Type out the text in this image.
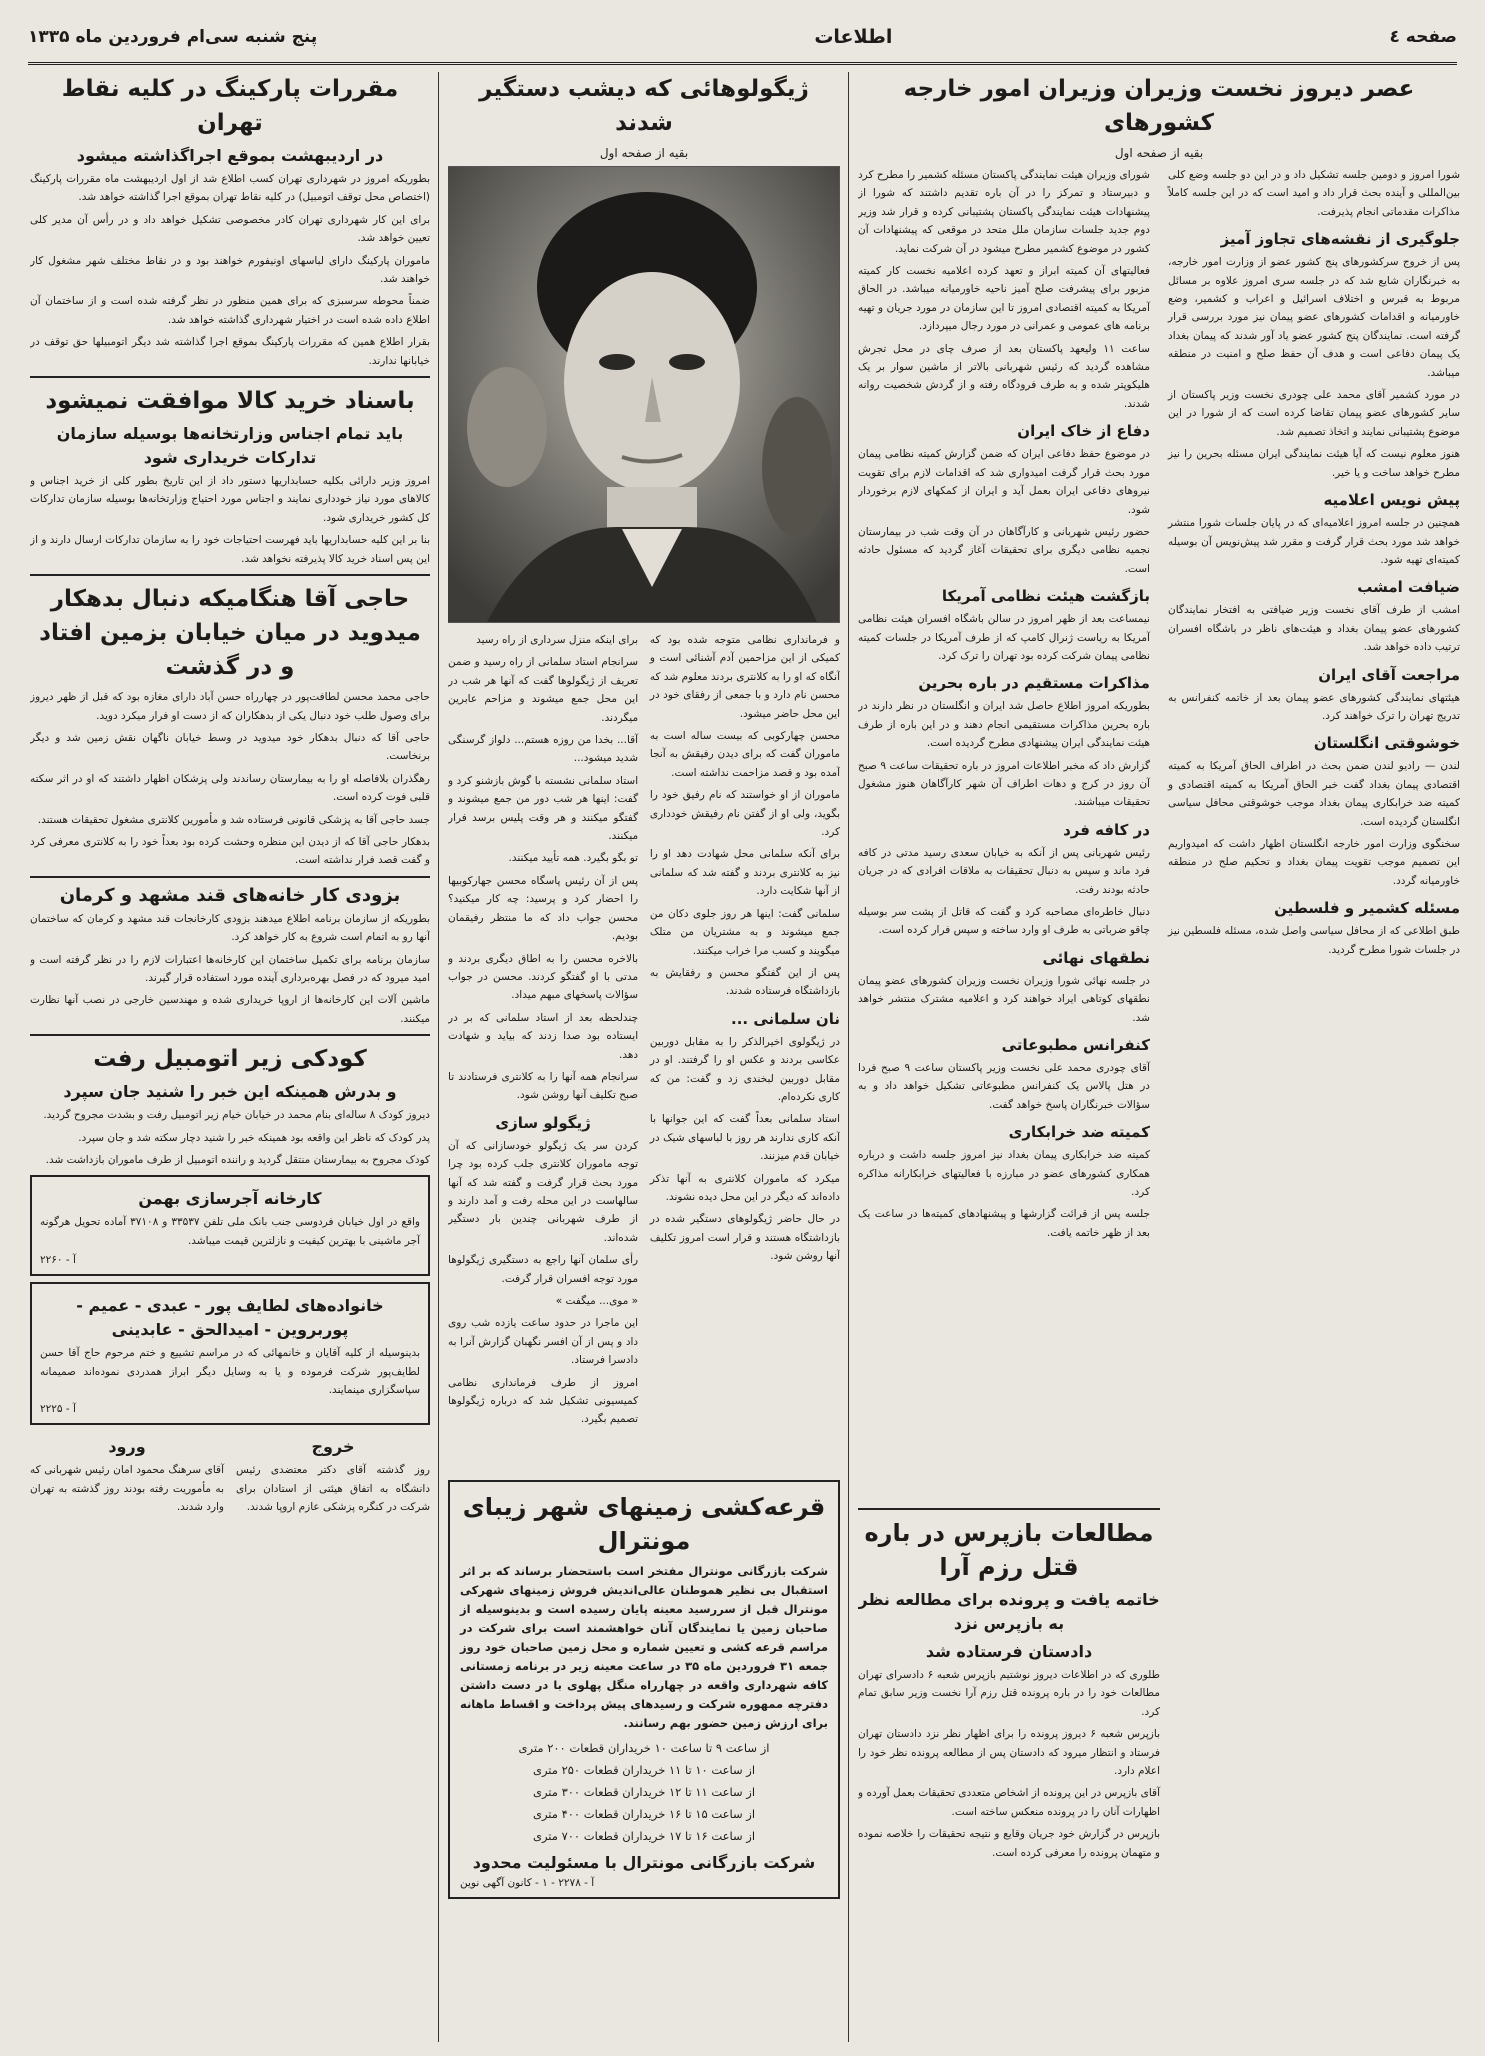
صفحه ٤
اطلاعات
پنج شنبه سی‌ام فروردین ماه ۱۳۳۵
عصر دیروز نخست وزیران وزیران امور خارجه کشورهای
بقیه از صفحه اول

شورا امروز و دومین جلسه تشکیل داد و در این دو جلسه وضع کلی بین‌المللی و آینده بحث قرار داد و امید است که در این جلسه کاملاً مذاکرات مقدماتی انجام پذیرفت.

جلوگیری از نقشه‌های تجاوز آمیز

پس از خروج سرکشورهای پنج کشور عضو از وزارت امور خارجه، به خبرنگاران شایع شد که در جلسه سری امروز علاوه بر مسائل مربوط به قبرس و اختلاف اسرائیل و اعراب و کشمیر، وضع خاورمیانه و اقدامات کشورهای عضو پیمان نیز مورد بررسی قرار گرفته است. نمایندگان پنج کشور عضو یاد آور شدند که پیمان بغداد یک پیمان دفاعی است و هدف آن حفظ صلح و امنیت در منطقه میباشد.

در مورد کشمیر آقای محمد علی چودری نخست وزیر پاکستان از سایر کشورهای عضو پیمان تقاضا کرده است که از شورا در این موضوع پشتیبانی نمایند و اتخاذ تصمیم شد.

هنوز معلوم نیست که آیا هیئت نمایندگی ایران مسئله بحرین را نیز مطرح خواهد ساخت و یا خیر.

پیش نویس اعلامیه

همچنین در جلسه امروز اعلامیه‌ای که در پایان جلسات شورا منتشر خواهد شد مورد بحث قرار گرفت و مقرر شد پیش‌نویس آن بوسیله کمیته‌ای تهیه شود.

ضیافت امشب

امشب از طرف آقای نخست وزیر ضیافتی به افتخار نمایندگان کشورهای عضو پیمان بغداد و هیئت‌های ناظر در باشگاه افسران ترتیب داده خواهد شد.

مراجعت آقای ایران

هیئتهای نمایندگی کشورهای عضو پیمان بعد از خاتمه کنفرانس به تدریج تهران را ترک خواهند کرد.

خوشوقتی انگلستان

لندن — رادیو لندن ضمن بحث در اطراف الحاق آمریکا به کمیته اقتصادی پیمان بغداد گفت خبر الحاق آمریکا به کمیته اقتصادی و کمیته ضد خرابکاری پیمان بغداد موجب خوشوقتی محافل سیاسی انگلستان گردیده است.

سخنگوی وزارت امور خارجه انگلستان اظهار داشت که امیدواریم این تصمیم موجب تقویت پیمان بغداد و تحکیم صلح در منطقه خاورمیانه گردد.

مسئله کشمیر و فلسطین

طبق اطلاعی که از محافل سیاسی واصل شده، مسئله فلسطین نیز در جلسات شورا مطرح گردید.

شورای وزیران هیئت نمایندگی پاکستان مسئله کشمیر را مطرح کرد و دبیرستاد و تمرکز را در آن باره تقدیم داشتند که شورا از پیشنهادات هیئت نمایندگی پاکستان پشتیبانی کرده و قرار شد وزیر دوم جدید جلسات سازمان ملل متحد در موقعی که پیشنهادات آن کشور در موضوع کشمیر مطرح میشود در آن شرکت نماید.

فعالیتهای آن کمیته ابراز و تعهد کرده اعلامیه نخست کار کمیته مزبور برای پیشرفت صلح آمیز ناحیه خاورمیانه میباشد. در الحاق آمریکا به کمیته اقتصادی امروز تا این سازمان در مورد جریان و تهیه برنامه های عمومی و عمرانی در مورد رجال میپردازد.

ساعت ۱۱ ولیعهد پاکستان بعد از صرف چای در محل تجرش مشاهده گردید که رئیس شهربانی بالاتر از ماشین سوار بر یک هلیکوپتر شده و به طرف فرودگاه رفته و از گردش شخصیت روانه شدند.

دفاع از خاک ایران

در موضوع حفظ دفاعی ایران که ضمن گزارش کمیته نظامی پیمان مورد بحث قرار گرفت امیدواری شد که اقدامات لازم برای تقویت نیروهای دفاعی ایران بعمل آید و ایران از کمکهای لازم برخوردار شود.

حضور رئیس شهربانی و کارآگاهان در آن وقت شب در بیمارستان نجمیه نظامی دیگری برای تحقیقات آغاز گردید که مسئول حادثه است.

بازگشت هیئت نظامی آمریکا

نیمساعت بعد از ظهر امروز در سالن باشگاه افسران هیئت نظامی آمریکا به ریاست ژنرال کامپ که از طرف آمریکا در جلسات کمیته نظامی پیمان شرکت کرده بود تهران را ترک کرد.

مذاکرات مستقیم در باره بحرین

بطوریکه امروز اطلاع حاصل شد ایران و انگلستان در نظر دارند در باره بحرین مذاکرات مستقیمی انجام دهند و در این باره از طرف هیئت نمایندگی ایران پیشنهادی مطرح گردیده است.

گزارش داد که مخبر اطلاعات امروز در باره تحقیقات ساعت ۹ صبح آن روز در کرج و دهات اطراف آن شهر کارآگاهان هنوز مشغول تحقیقات میباشند.

در کافه فرد

رئیس شهربانی پس از آنکه به خیابان سعدی رسید مدتی در کافه فرد ماند و سپس به دنبال تحقیقات به ملاقات افرادی که در جریان حادثه بودند رفت.

دنبال خاطره‌ای مصاحبه کرد و گفت که قاتل از پشت سر بوسیله چاقو ضرباتی به طرف او وارد ساخته و سپس فرار کرده است.

نطقهای نهائی

در جلسه نهائی شورا وزیران نخست وزیران کشورهای عضو پیمان نطقهای کوتاهی ایراد خواهند کرد و اعلامیه مشترک منتشر خواهد شد.

کنفرانس مطبوعاتی

آقای چودری محمد علی نخست وزیر پاکستان ساعت ۹ صبح فردا در هتل پالاس یک کنفرانس مطبوعاتی تشکیل خواهد داد و به سؤالات خبرنگاران پاسخ خواهد گفت.

کمیته ضد خرابکاری

کمیته ضد خرابکاری پیمان بغداد نیز امروز جلسه داشت و درباره همکاری کشورهای عضو در مبارزه با فعالیتهای خرابکارانه مذاکره کرد.

جلسه پس از قرائت گزارشها و پیشنهادهای کمیته‌ها در ساعت یک بعد از ظهر خاتمه یافت.

مطالعات بازپرس در باره قتل رزم آرا
خاتمه یافت و پرونده برای مطالعه نظر به بازپرس نزد
دادستان فرستاده شد

طلوری که در اطلاعات دیروز نوشتیم بازپرس شعبه ۶ دادسرای تهران مطالعات خود را در باره پرونده قتل رزم آرا نخست وزیر سابق تمام کرد.

بازپرس شعبه ۶ دیروز پرونده را برای اظهار نظر نزد دادستان تهران فرستاد و انتظار میرود که دادستان پس از مطالعه پرونده نظر خود را اعلام دارد.

آقای بازپرس در این پرونده از اشخاص متعددی تحقیقات بعمل آورده و اظهارات آنان را در پرونده منعکس ساخته است.

بازپرس در گزارش خود جریان وقایع و نتیجه تحقیقات را خلاصه نموده و متهمان پرونده را معرفی کرده است.

ژیگولوهائی که دیشب دستگیر شدند
بقیه از صفحه اول

و فرمانداری نظامی متوجه شده بود که کمیکی از این مزاحمین آدم آشنائی است و آنگاه که او را به کلانتری بردند معلوم شد که محسن نام دارد و با جمعی از رفقای خود در این محل حاضر میشود.

محسن چهارکوبی که بیست ساله است به ماموران گفت که برای دیدن رفیقش به آنجا آمده بود و قصد مزاحمت نداشته است.

ماموران از او خواستند که نام رفیق خود را بگوید، ولی او از گفتن نام رفیقش خودداری کرد.

برای آنکه سلمانی محل شهادت دهد او را نیز به کلانتری بردند و گفته شد که سلمانی از آنها شکایت دارد.

سلمانی گفت: اینها هر روز جلوی دکان من جمع میشوند و به مشتریان من متلک میگویند و کسب مرا خراب میکنند.

پس از این گفتگو محسن و رفقایش به بازداشتگاه فرستاده شدند.

نان سلمانی ...

در ژیگولوی اخیرالذکر را به مقابل دوربین عکاسی بردند و عکس او را گرفتند. او در مقابل دوربین لبخندی زد و گفت: من که کاری نکرده‌ام.

استاد سلمانی بعداً گفت که این جوانها با آنکه کاری ندارند هر روز با لباسهای شیک در خیابان قدم میزنند.

میکرد که ماموران کلانتری به آنها تذکر داده‌اند که دیگر در این محل دیده نشوند.

در حال حاضر ژیگولوهای دستگیر شده در بازداشتگاه هستند و قرار است امروز تکلیف آنها روشن شود.

برای اینکه منزل سرداری از راه رسید

سرانجام استاد سلمانی از راه رسید و ضمن تعریف از ژیگولوها گفت که آنها هر شب در این محل جمع میشوند و مزاحم عابرین میگردند.

آقا... بخدا من روزه هستم... دلواز گرسنگی شدید میشود...

استاد سلمانی نشسته با گوش بازشنو کرد و گفت: اینها هر شب دور من جمع میشوند و گفتگو میکنند و هر وقت پلیس برسد فرار میکنند.

تو بگو بگیرد. همه تأیید میکنند.

پس از آن رئیس پاسگاه محسن جهارکوبیها را احضار کرد و پرسید: چه کار میکنید؟ محسن جواب داد که ما منتظر رفیقمان بودیم.

بالاخره محسن را به اطاق دیگری بردند و مدتی با او گفتگو کردند. محسن در جواب سؤالات پاسخهای مبهم میداد.

چندلحظه بعد از استاد سلمانی که بر در ایستاده بود صدا زدند که بیاید و شهادت دهد.

سرانجام همه آنها را به کلانتری فرستادند تا صبح تکلیف آنها روشن شود.

ژیگولو سازی

کردن سر یک ژیگولو خودسازانی که آن توجه ماموران کلانتری جلب کرده بود چرا مورد بحث قرار گرفت و گفته شد که آنها سالهاست در این محله رفت و آمد دارند و از طرف شهربانی چندین بار دستگیر شده‌اند.

رأی سلمان آنها راجع به دستگیری ژیگولوها مورد توجه افسران قرار گرفت.

« موی... میگفت »

این ماجرا در حدود ساعت یازده شب روی داد و پس از آن افسر نگهبان گزارش آنرا به دادسرا فرستاد.

امروز از طرف فرمانداری نظامی کمیسیونی تشکیل شد که درباره ژیگولوها تصمیم بگیرد.

قرعه‌کشی زمینهای شهر زیبای مونترال

شرکت بازرگانی مونترال مفتخر است باستحضار برساند که بر اثر استقبال بی نظیر هموطنان عالی‌اندیش فروش زمینهای شهرکی مونترال قبل از سررسید معینه پایان رسیده است و بدینوسیله از صاحبان زمین یا نمایندگان آنان خواهشمند است برای شرکت در مراسم قرعه کشی و تعیین شماره و محل زمین صاحبان خود روز جمعه ۳۱ فروردین ماه ۳۵ در ساعت معینه زیر در برنامه زمستانی کافه شهرداری واقعه در چهارراه منگل پهلوی با در دست داشتن دفترچه ممهوره شرکت و رسیدهای پیش پرداخت و اقساط ماهانه برای ارزش زمین حضور بهم رسانند.

از ساعت ۹ تا ساعت ۱۰ خریداران قطعات ۲۰۰ متری
از ساعت ۱۰ تا ۱۱ خریداران قطعات ۲۵۰ متری
از ساعت ۱۱ تا ۱۲ خریداران قطعات ۳۰۰ متری
از ساعت ۱۵ تا ۱۶ خریداران قطعات ۴۰۰ متری
از ساعت ۱۶ تا ۱۷ خریداران قطعات ۷۰۰ متری
شرکت بازرگانی مونترال با مسئولیت محدود
آ - ۲۲۷۸ - ۱ - کانون آگهی نوین
مقررات پارکینگ در کلیه نقاط تهران
در اردیبهشت بموقع اجراگذاشته میشود

بطوریکه امروز در شهرداری تهران کسب اطلاع شد از اول اردیبهشت ماه مقررات پارکینگ (اختصاص محل توقف اتومبیل) در کلیه نقاط تهران بموقع اجرا گذاشته خواهد شد.

برای این کار شهرداری تهران کادر مخصوصی تشکیل خواهد داد و در رأس آن مدیر کلی تعیین خواهد شد.

ماموران پارکینگ دارای لباسهای اونیفورم خواهند بود و در نقاط مختلف شهر مشغول کار خواهند شد.

ضمناً محوطه سرسبزی که برای همین منظور در نظر گرفته شده است و از ساختمان آن اطلاع داده شده است در اختیار شهرداری گذاشته خواهد شد.

بقرار اطلاع همین که مقررات پارکینگ بموقع اجرا گذاشته شد دیگر اتومبیلها حق توقف در خیابانها ندارند.

باسناد خرید کالا موافقت نمیشود
باید تمام اجناس وزارتخانه‌ها بوسیله سازمان تدارکات خریداری شود

امروز وزیر دارائی بکلیه حسابداریها دستور داد از این تاریخ بطور کلی از خرید اجناس و کالاهای مورد نیاز خودداری نمایند و اجناس مورد احتیاج وزارتخانه‌ها بوسیله سازمان تدارکات کل کشور خریداری شود.

بنا بر این کلیه حسابداریها باید فهرست احتیاجات خود را به سازمان تدارکات ارسال دارند و از این پس اسناد خرید کالا پذیرفته نخواهد شد.

حاجی آقا هنگامیکه دنبال بدهکار میدوید در میان خیابان بزمین افتاد و در گذشت

حاجی محمد محسن لطافت‌پور در چهارراه حسن آباد دارای مغازه بود که قبل از ظهر دیروز برای وصول طلب خود دنبال یکی از بدهکاران که از دست او فرار میکرد دوید.

حاجی آقا که دنبال بدهکار خود میدوید در وسط خیابان ناگهان نقش زمین شد و دیگر برنخاست.

رهگذران بلافاصله او را به بیمارستان رساندند ولی پزشکان اظهار داشتند که او در اثر سکته قلبی فوت کرده است.

جسد حاجی آقا به پزشکی قانونی فرستاده شد و مأمورین کلانتری مشغول تحقیقات هستند.

بدهکار حاجی آقا که از دیدن این منظره وحشت کرده بود بعداً خود را به کلانتری معرفی کرد و گفت قصد فرار نداشته است.

بزودی کار خانه‌های قند مشهد و کرمان

بطوریکه از سازمان برنامه اطلاع میدهند بزودی کارخانجات قند مشهد و کرمان که ساختمان آنها رو به اتمام است شروع به کار خواهد کرد.

سازمان برنامه برای تکمیل ساختمان این کارخانه‌ها اعتبارات لازم را در نظر گرفته است و امید میرود که در فصل بهره‌برداری آینده مورد استفاده قرار گیرند.

ماشین آلات این کارخانه‌ها از اروپا خریداری شده و مهندسین خارجی در نصب آنها نظارت میکنند.

کودکی زیر اتومبیل رفت
و بدرش همینکه این خبر را شنید جان سپرد

دیروز کودک ۸ ساله‌ای بنام محمد در خیابان خیام زیر اتومبیل رفت و بشدت مجروح گردید.

پدر کودک که ناظر این واقعه بود همینکه خبر را شنید دچار سکته شد و جان سپرد.

کودک مجروح به بیمارستان منتقل گردید و راننده اتومبیل از طرف ماموران بازداشت شد.

کارخانه آجرسازی بهمن

واقع در اول خیابان فردوسی جنب بانک ملی تلفن ۳۳۵۳۷ و ۳۷۱۰۸ آماده تحویل هرگونه آجر ماشینی با بهترین کیفیت و نازلترین قیمت میباشد.

آ - ۲۲۶۰
خانواده‌های لطایف پور - عبدی - عمیم - پوربروین - امیدالحق - عابدینی

بدینوسیله از کلیه آقایان و خانمهائی که در مراسم تشییع و ختم مرحوم حاج آقا حسن لطایف‌پور شرکت فرموده و یا به وسایل دیگر ابراز همدردی نموده‌اند صمیمانه سپاسگزاری مینمایند.

آ - ۲۲۲۵
خروج

روز گذشته آقای دکتر معتضدی رئیس دانشگاه به اتفاق هیئتی از استادان برای شرکت در کنگره پزشکی عازم اروپا شدند.

ورود

آقای سرهنگ محمود امان رئیس شهربانی که به مأموریت رفته بودند روز گذشته به تهران وارد شدند.
